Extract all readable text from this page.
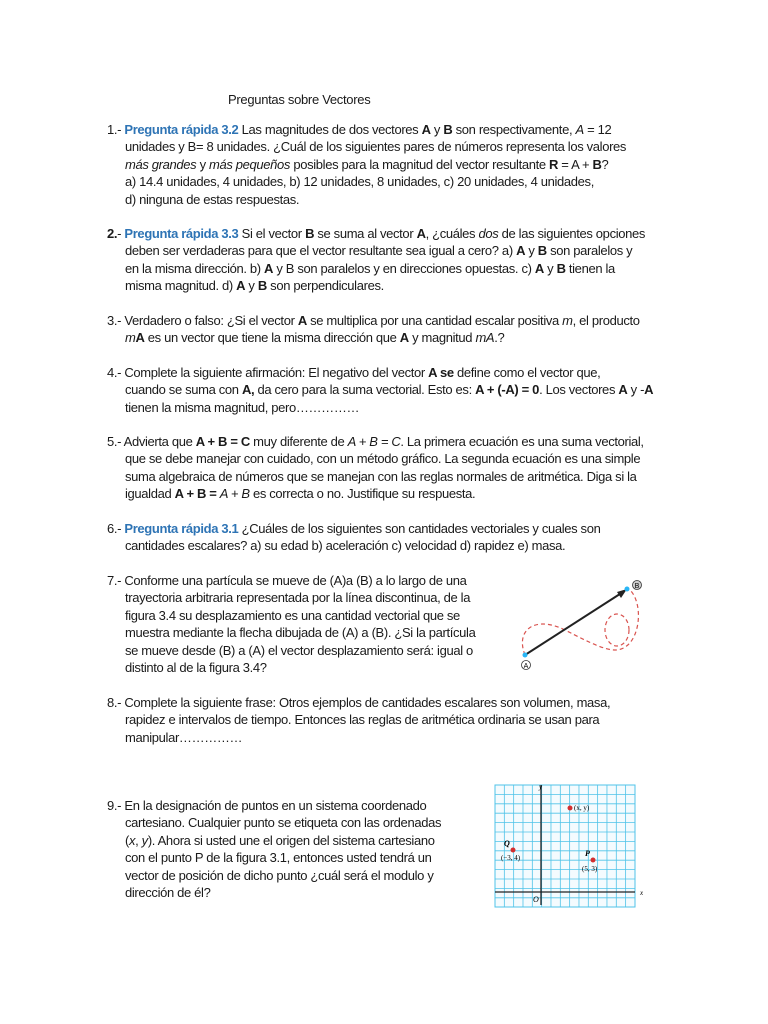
Preguntas sobre Vectores
1.- Pregunta rápida 3.2 Las magnitudes de dos vectores A y B son respectivamente, A = 12
unidades y B= 8 unidades. ¿Cuál de los siguientes pares de números representa los valores
más grandes y más pequeños posibles para la magnitud del vector resultante R = A + B?
a) 14.4 unidades, 4 unidades, b) 12 unidades, 8 unidades, c) 20 unidades, 4 unidades,
d) ninguna de estas respuestas.
2.- Pregunta rápida 3.3 Si el vector B se suma al vector A, ¿cuáles dos de las siguientes opciones
deben ser verdaderas para que el vector resultante sea igual a cero? a) A y B son paralelos y
en la misma dirección. b) A y B son paralelos y en direcciones opuestas. c) A y B tienen la
misma magnitud. d) A y B son perpendiculares.
3.- Verdadero o falso: ¿Si el vector A se multiplica por una cantidad escalar positiva m, el producto
mA es un vector que tiene la misma dirección que A y magnitud mA.?
4.- Complete la siguiente afirmación: El negativo del vector A se define como el vector que,
cuando se suma con A, da cero para la suma vectorial. Esto es: A + (-A) = 0. Los vectores A y -A
tienen la misma magnitud, pero……………
5.- Advierta que A + B = C muy diferente de A + B = C. La primera ecuación es una suma vectorial,
que se debe manejar con cuidado, con un método gráfico. La segunda ecuación es una simple
suma algebraica de números que se manejan con las reglas normales de aritmética. Diga si la
igualdad A + B = A + B es correcta o no. Justifique su respuesta.
6.- Pregunta rápida 3.1 ¿Cuáles de los siguientes son cantidades vectoriales y cuales son
cantidades escalares? a) su edad b) aceleración c) velocidad d) rapidez e) masa.
7.- Conforme una partícula se mueve de (A)a (B) a lo largo de una
trayectoria arbitraria representada por la línea discontinua, de la
figura 3.4 su desplazamiento es una cantidad vectorial que se
muestra mediante la flecha dibujada de (A) a (B). ¿Si la partícula
se mueve desde (B) a (A) el vector desplazamiento será: igual o
distinto al de la figura 3.4?
8.- Complete la siguiente frase: Otros ejemplos de cantidades escalares son volumen, masa,
rapidez e intervalos de tiempo. Entonces las reglas de aritmética ordinaria se usan para
manipular……………
9.- En la designación de puntos en un sistema coordenado
cartesiano. Cualquier punto se etiqueta con las ordenadas
(x, y). Ahora si usted une el origen del sistema cartesiano
con el punto P de la figura 3.1, entonces usted tendrá un
vector de posición de dicho punto ¿cuál será el modulo y
dirección de él?
A
B
y
x
O
(x, y)
Q
(−3, 4)	P
(5, 3)
